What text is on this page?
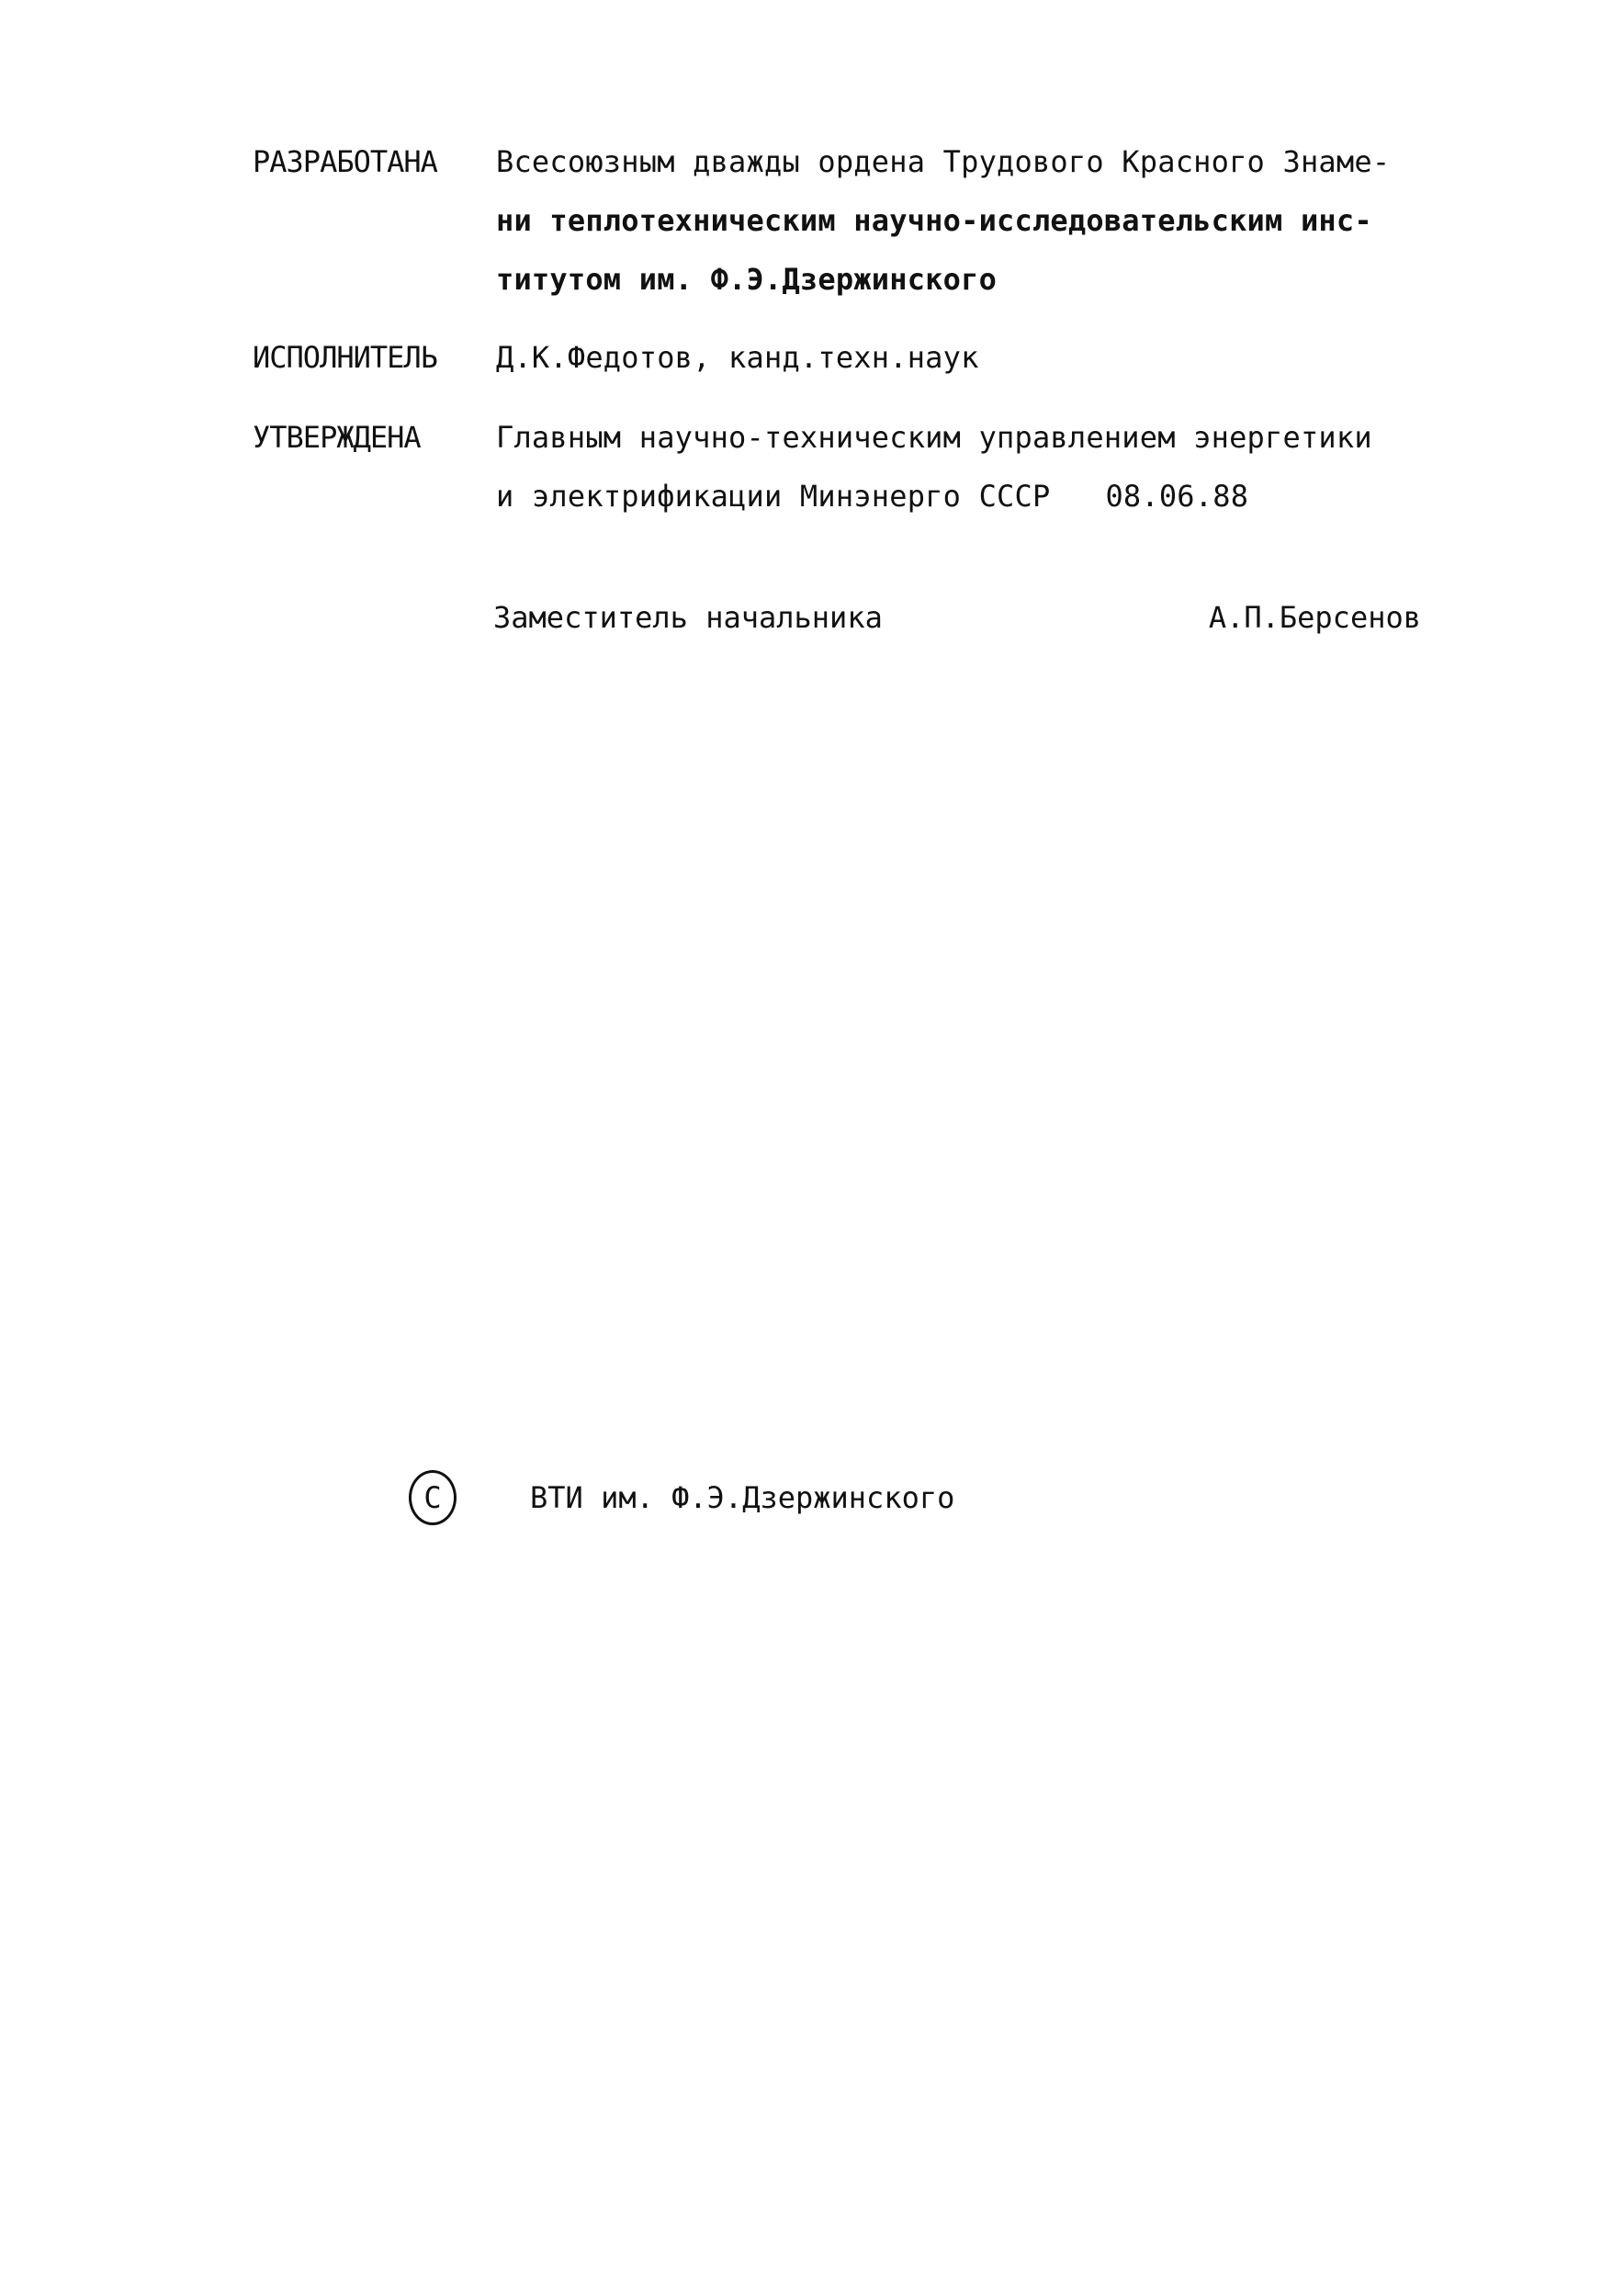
РАЗРАБОТАНА	Всесоюзным дважды ордена Трудового Красного Знаме-
ни теплотехническим научно-исследовательским инс-
титутом им. Ф.Э.Дзержинского
ИСПОЛНИТЕЛЬ	Д.К.Федотов, канд.техн.наук
УТВЕРЖДЕНА	Главным научно-техническим управлением энергетики
и электрификации Минэнерго СССР 08.06.88
Заместитель начальника	А.П.Берсенов
С	ВТИ им. Ф.Э.Дзержинского
